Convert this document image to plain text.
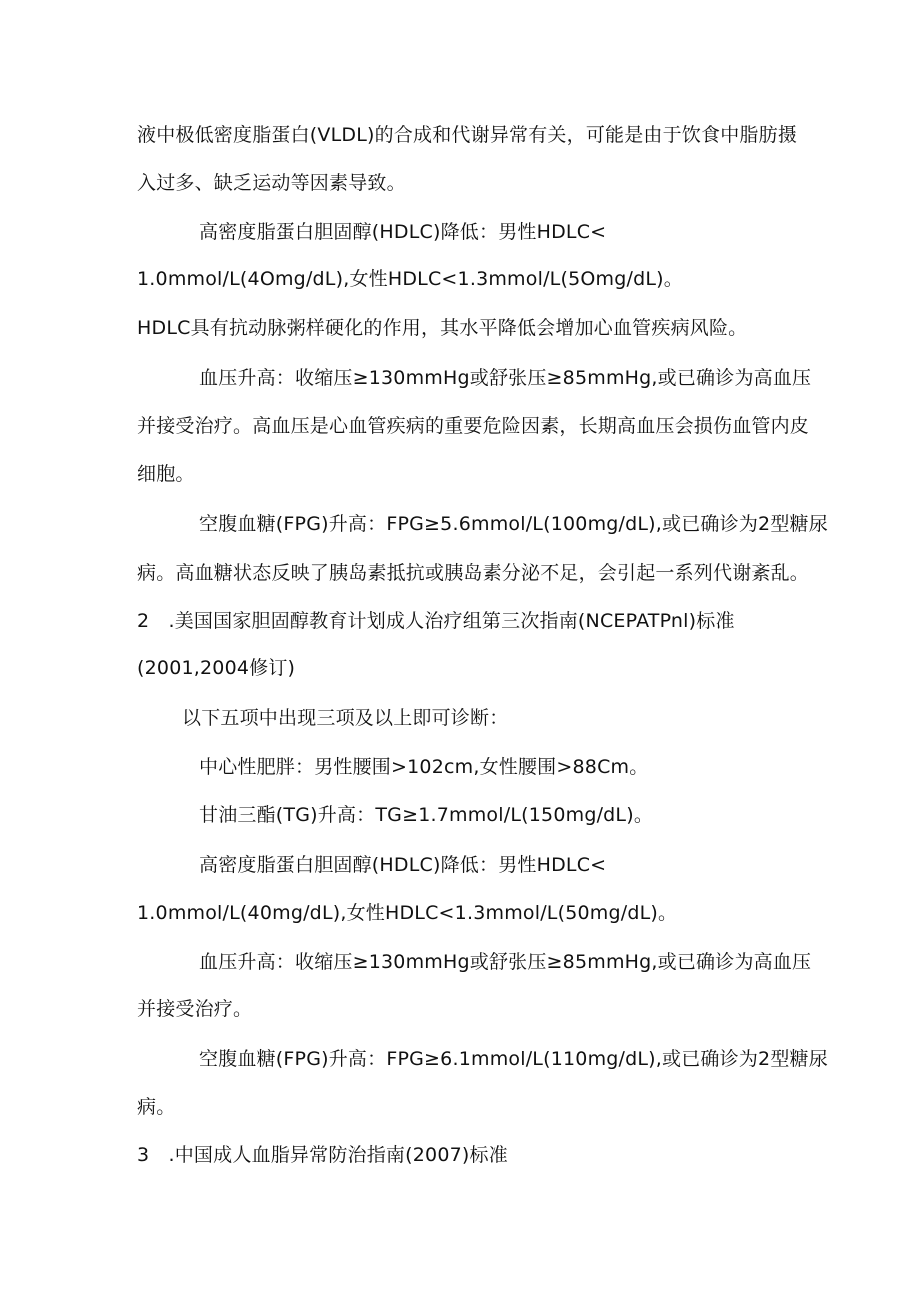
液中极低密度脂蛋白(VLDL)的合成和代谢异常有关，可能是由于饮食中脂肪摄
入过多、缺乏运动等因素导致。
高密度脂蛋白胆固醇(HDLC)降低：男性HDLC<
1.0mmol∕L(4Omg∕dL),女性HDLC<1.3mmol∕L(5Omg∕dL)。
HDLC具有抗动脉粥样硬化的作用，其水平降低会增加心血管疾病风险。
血压升高：收缩压≥130mmHg或舒张压≥85mmHg,或已确诊为高血压
并接受治疗。高血压是心血管疾病的重要危险因素，长期高血压会损伤血管内皮
细胞。
空腹血糖(FPG)升高：FPG≥5.6mmol∕L(100mg∕dL),或已确诊为2型糖尿
病。高血糖状态反映了胰岛素抵抗或胰岛素分泌不足，会引起一系列代谢紊乱。
2 .美国国家胆固醇教育计划成人治疗组第三次指南(NCEPATPnl)标准
(2001,2004修订)
以下五项中出现三项及以上即可诊断：
中心性肥胖：男性腰围>102cm,女性腰围>88Cm。
甘油三酯(TG)升高：TG≥1.7mmol∕L(150mg∕dL)。
高密度脂蛋白胆固醇(HDLC)降低：男性HDLC<
1.0mmol∕L(40mg∕dL),女性HDLC<1.3mmol∕L(50mg∕dL)。
血压升高：收缩压≥130mmHg或舒张压≥85mmHg,或已确诊为高血压
并接受治疗。
空腹血糖(FPG)升高：FPG≥6.1mmol∕L(110mg∕dL),或已确诊为2型糖尿
病。
3 .中国成人血脂异常防治指南(2007)标准
